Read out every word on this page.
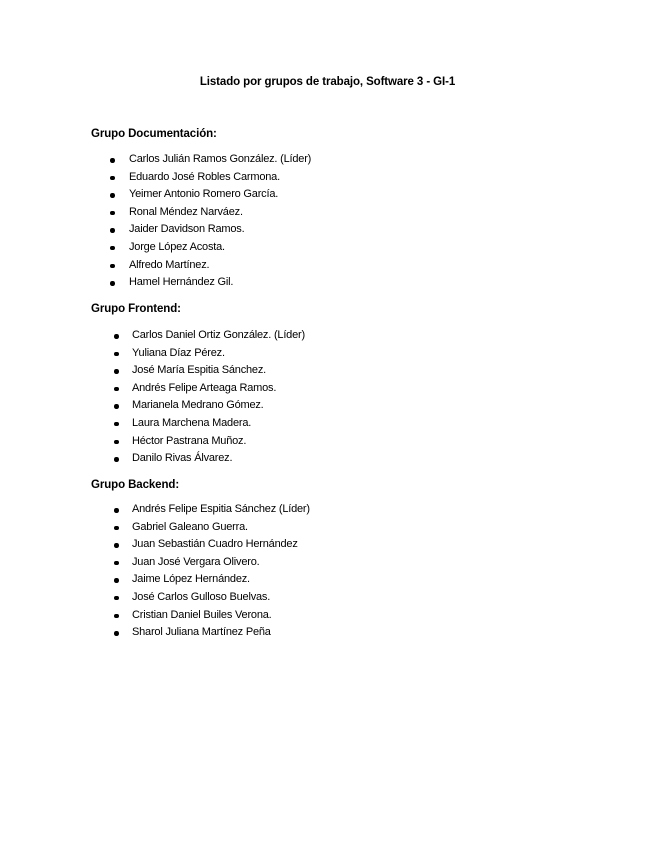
Listado por grupos de trabajo, Software 3 - GI-1
Grupo Documentación:
Carlos Julián Ramos González. (Líder)
Eduardo José Robles Carmona.
Yeimer Antonio Romero García.
Ronal Méndez Narváez.
Jaider Davidson Ramos.
Jorge López Acosta.
Alfredo Martínez.
Hamel Hernández Gil.
Grupo Frontend:
Carlos Daniel Ortiz González. (Líder)
Yuliana Díaz Pérez.
José María Espitia Sánchez.
Andrés Felipe Arteaga Ramos.
Marianela Medrano Gómez.
Laura Marchena Madera.
Héctor Pastrana Muñoz.
Danilo Rivas Álvarez.
Grupo Backend:
Andrés Felipe Espitia Sánchez (Líder)
Gabriel Galeano Guerra.
Juan Sebastián Cuadro Hernández
Juan José Vergara Olivero.
Jaime López Hernández.
José Carlos Gulloso Buelvas.
Cristian Daniel Builes Verona.
Sharol Juliana Martínez Peña
